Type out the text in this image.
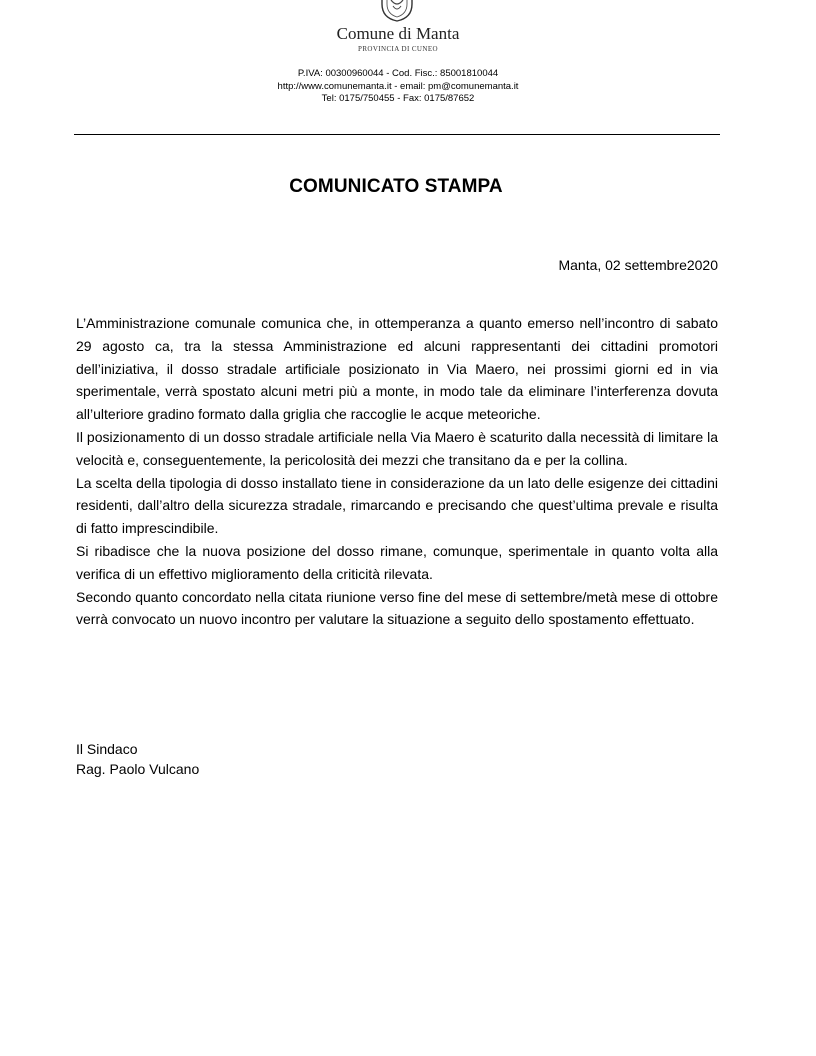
Comune di Manta
PROVINCIA DI CUNEO
P.IVA: 00300960044 - Cod. Fisc.: 85001810044
http://www.comunemanta.it - email: pm@comunemanta.it
Tel: 0175/750455 - Fax: 0175/87652
COMUNICATO STAMPA
Manta, 02 settembre2020

L’Amministrazione comunale comunica che, in ottemperanza a quanto emerso nell’incontro di sabato 29 agosto ca, tra la stessa Amministrazione ed alcuni rappresentanti dei cittadini promotori dell’iniziativa, il dosso stradale artificiale posizionato in Via Maero, nei prossimi giorni ed in via sperimentale, verrà spostato alcuni metri più a monte, in modo tale da eliminare l’interferenza dovuta all’ulteriore gradino formato dalla griglia che raccoglie le acque meteoriche.

Il posizionamento di un dosso stradale artificiale nella Via Maero è scaturito dalla necessità di limitare la velocità e, conseguentemente, la pericolosità dei mezzi che transitano da e per la collina.

La scelta della tipologia di dosso installato tiene in considerazione da un lato delle esigenze dei cittadini residenti, dall’altro della sicurezza stradale, rimarcando e precisando che quest’ultima prevale e risulta di fatto imprescindibile.

Si ribadisce che la nuova posizione del dosso rimane, comunque, sperimentale in quanto volta alla verifica di un effettivo miglioramento della criticità rilevata.

Secondo quanto concordato nella citata riunione verso fine del mese di settembre/metà mese di ottobre verrà convocato un nuovo incontro per valutare la situazione a seguito dello spostamento effettuato.

Il Sindaco
Rag. Paolo Vulcano
